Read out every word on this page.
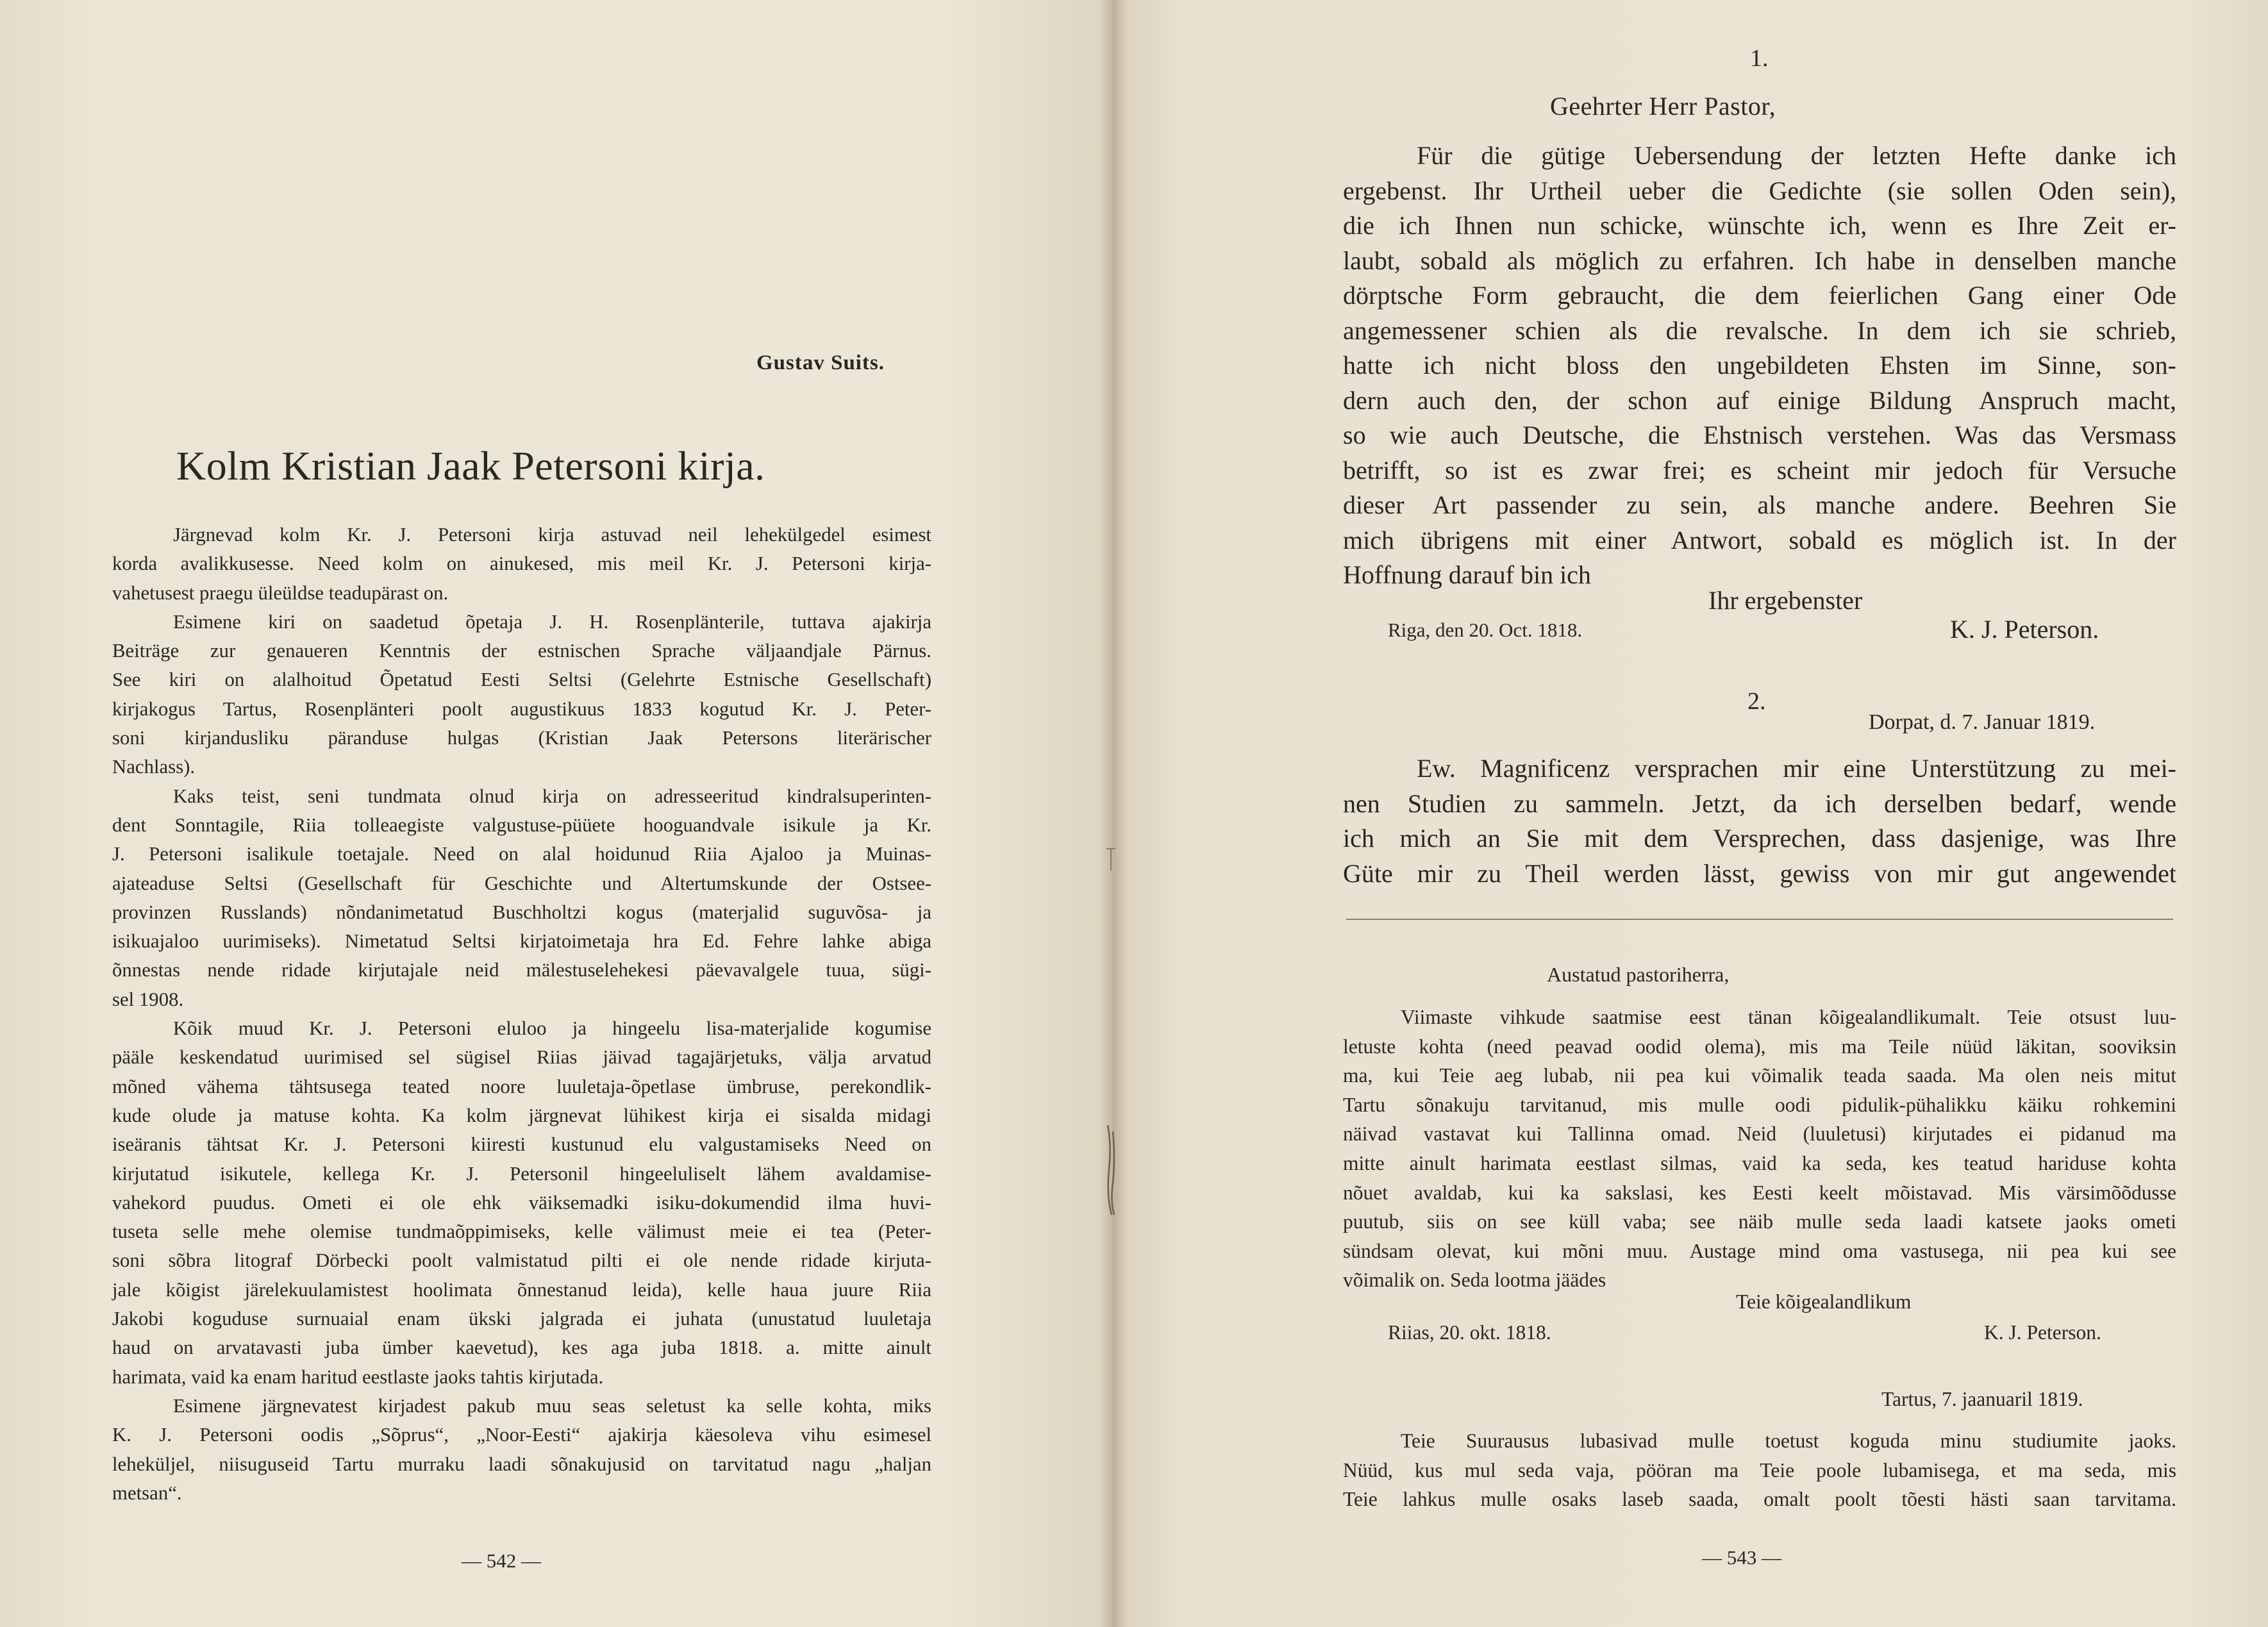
Gustav Suits.
Kolm Kristian Jaak Petersoni kirja.
Järgnevad kolm Kr. J. Petersoni kirja astuvad neil lehekülgedel esimest
korda avalikkusesse. Need kolm on ainukesed, mis meil Kr. J. Petersoni kirja-
vahetusest praegu üleüldse teadupärast on.
Esimene kiri on saadetud õpetaja J. H. Rosenplänterile, tuttava ajakirja
Beiträge zur genaueren Kenntnis der estnischen Sprache väljaandjale Pärnus.
See kiri on alalhoitud Õpetatud Eesti Seltsi (Gelehrte Estnische Gesellschaft)
kirjakogus Tartus, Rosenplänteri poolt augustikuus 1833 kogutud Kr. J. Peter-
soni kirjandusliku päranduse hulgas (Kristian Jaak Petersons literärischer
Nachlass).
Kaks teist, seni tundmata olnud kirja on adresseeritud kindralsuperinten-
dent Sonntagile, Riia tolleaegiste valgustuse-püüete hooguandvale isikule ja Kr.
J. Petersoni isalikule toetajale. Need on alal hoidunud Riia Ajaloo ja Muinas-
ajateaduse Seltsi (Gesellschaft für Geschichte und Altertumskunde der Ostsee-
provinzen Russlands) nõndanimetatud Buschholtzi kogus (materjalid suguvõsa- ja
isikuajaloo uurimiseks). Nimetatud Seltsi kirjatoimetaja hra Ed. Fehre lahke abiga
õnnestas nende ridade kirjutajale neid mälestuselehekesi päevavalgele tuua, sügi-
sel 1908.
Kõik muud Kr. J. Petersoni eluloo ja hingeelu lisa-materjalide kogumise
pääle keskendatud uurimised sel sügisel Riias jäivad tagajärjetuks, välja arvatud
mõned vähema tähtsusega teated noore luuletaja-õpetlase ümbruse, perekondlik-
kude olude ja matuse kohta. Ka kolm järgnevat lühikest kirja ei sisalda midagi
iseäranis tähtsat Kr. J. Petersoni kiiresti kustunud elu valgustamiseks Need on
kirjutatud isikutele, kellega Kr. J. Petersonil hingeeluliselt lähem avaldamise-
vahekord puudus. Ometi ei ole ehk väiksemadki isiku-dokumendid ilma huvi-
tuseta selle mehe olemise tundmaõppimiseks, kelle välimust meie ei tea (Peter-
soni sõbra litograf Dörbecki poolt valmistatud pilti ei ole nende ridade kirjuta-
jale kõigist järelekuulamistest hoolimata õnnestanud leida), kelle haua juure Riia
Jakobi koguduse surnuaial enam ükski jalgrada ei juhata (unustatud luuletaja
haud on arvatavasti juba ümber kaevetud), kes aga juba 1818. a. mitte ainult
harimata, vaid ka enam haritud eestlaste jaoks tahtis kirjutada.
Esimene järgnevatest kirjadest pakub muu seas seletust ka selle kohta, miks
K. J. Petersoni oodis „Sõprus“, „Noor-Eesti“ ajakirja käesoleva vihu esimesel
leheküljel, niisuguseid Tartu murraku laadi sõnakujusid on tarvitatud nagu „haljan
metsan“.
— 542 —
1.
Geehrter Herr Pastor,
Für die gütige Uebersendung der letzten Hefte danke ich
ergebenst. Ihr Urtheil ueber die Gedichte (sie sollen Oden sein),
die ich Ihnen nun schicke, wünschte ich, wenn es Ihre Zeit er-
laubt, sobald als möglich zu erfahren. Ich habe in denselben manche
dörptsche Form gebraucht, die dem feierlichen Gang einer Ode
angemessener schien als die revalsche. In dem ich sie schrieb,
hatte ich nicht bloss den ungebildeten Ehsten im Sinne, son-
dern auch den, der schon auf einige Bildung Anspruch macht,
so wie auch Deutsche, die Ehstnisch verstehen. Was das Versmass
betrifft, so ist es zwar frei; es scheint mir jedoch für Versuche
dieser Art passender zu sein, als manche andere. Beehren Sie
mich übrigens mit einer Antwort, sobald es möglich ist. In der
Hoffnung darauf bin ich
Ihr ergebenster
Riga, den 20. Oct. 1818.	K. J. Peterson.
2.
Dorpat, d. 7. Januar 1819.
Ew. Magnificenz versprachen mir eine Unterstützung zu mei-
nen Studien zu sammeln. Jetzt, da ich derselben bedarf, wende
ich mich an Sie mit dem Versprechen, dass dasjenige, was Ihre
Güte mir zu Theil werden lässt, gewiss von mir gut angewendet
Austatud pastoriherra,
Viimaste vihkude saatmise eest tänan kõigealandlikumalt. Teie otsust luu-
letuste kohta (need peavad oodid olema), mis ma Teile nüüd läkitan, sooviksin
ma, kui Teie aeg lubab, nii pea kui võimalik teada saada. Ma olen neis mitut
Tartu sõnakuju tarvitanud, mis mulle oodi pidulik-pühalikku käiku rohkemini
näivad vastavat kui Tallinna omad. Neid (luuletusi) kirjutades ei pidanud ma
mitte ainult harimata eestlast silmas, vaid ka seda, kes teatud hariduse kohta
nõuet avaldab, kui ka sakslasi, kes Eesti keelt mõistavad. Mis värsimõõdusse
puutub, siis on see küll vaba; see näib mulle seda laadi katsete jaoks ometi
sündsam olevat, kui mõni muu. Austage mind oma vastusega, nii pea kui see
võimalik on. Seda lootma jäädes
Teie kõigealandlikum
Riias, 20. okt. 1818.	K. J. Peterson.
Tartus, 7. jaanuaril 1819.
Teie Suurausus lubasivad mulle toetust koguda minu studiumite jaoks.
Nüüd, kus mul seda vaja, pööran ma Teie poole lubamisega, et ma seda, mis
Teie lahkus mulle osaks laseb saada, omalt poolt tõesti hästi saan tarvitama.
— 543 —
